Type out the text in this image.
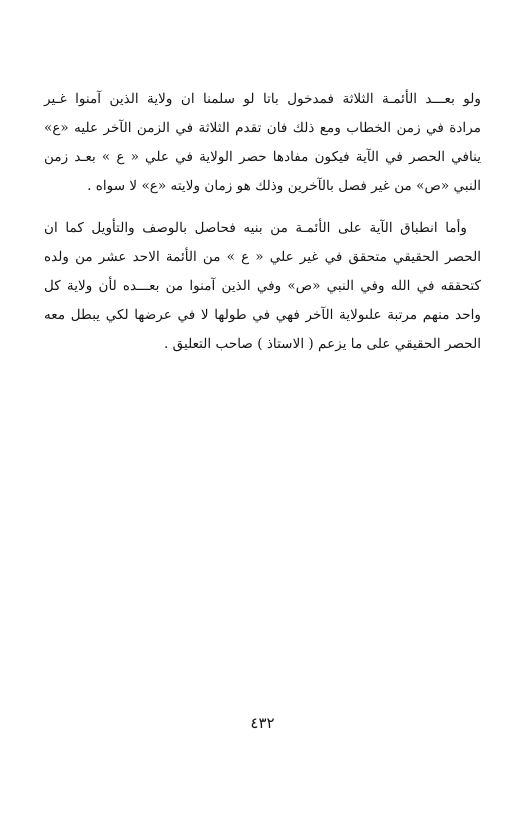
ولو بعـــد الأئمـة الثلاثة فمدخول باتا لو سلمنا ان ولاية الذين آمنوا غـير
مرادة في زمن الخطاب ومع ذلك فان تقدم الثلاثة في الزمن الآخر عليه «ع»
ينافي الحصر في الآية فيكون مفادها حصر الولاية في علي « ع » بعـد زمن
النبي «ص» من غير فصل بالآخرين وذلك هو زمان ولايته «ع» لا سواه .
وأما انطباق الآية على الأئمـة من بنيه فحاصل بالوصف والتأويل كما ان
الحصر الحقيقي متحقق في غير علي « ع » من الأئمة الاحد عشر من ولده
كتحققه في الله وفي النبي «ص» وفي الذين آمنوا من بعـــده لأن ولاية كل
واحد منهم مرتبة علىولاية الآخر فهي في طولها لا في عرضها لكي يبطل معه
الحصر الحقيقي على ما يزعم ( الاستاذ ) صاحب التعليق .
٤٣٢
